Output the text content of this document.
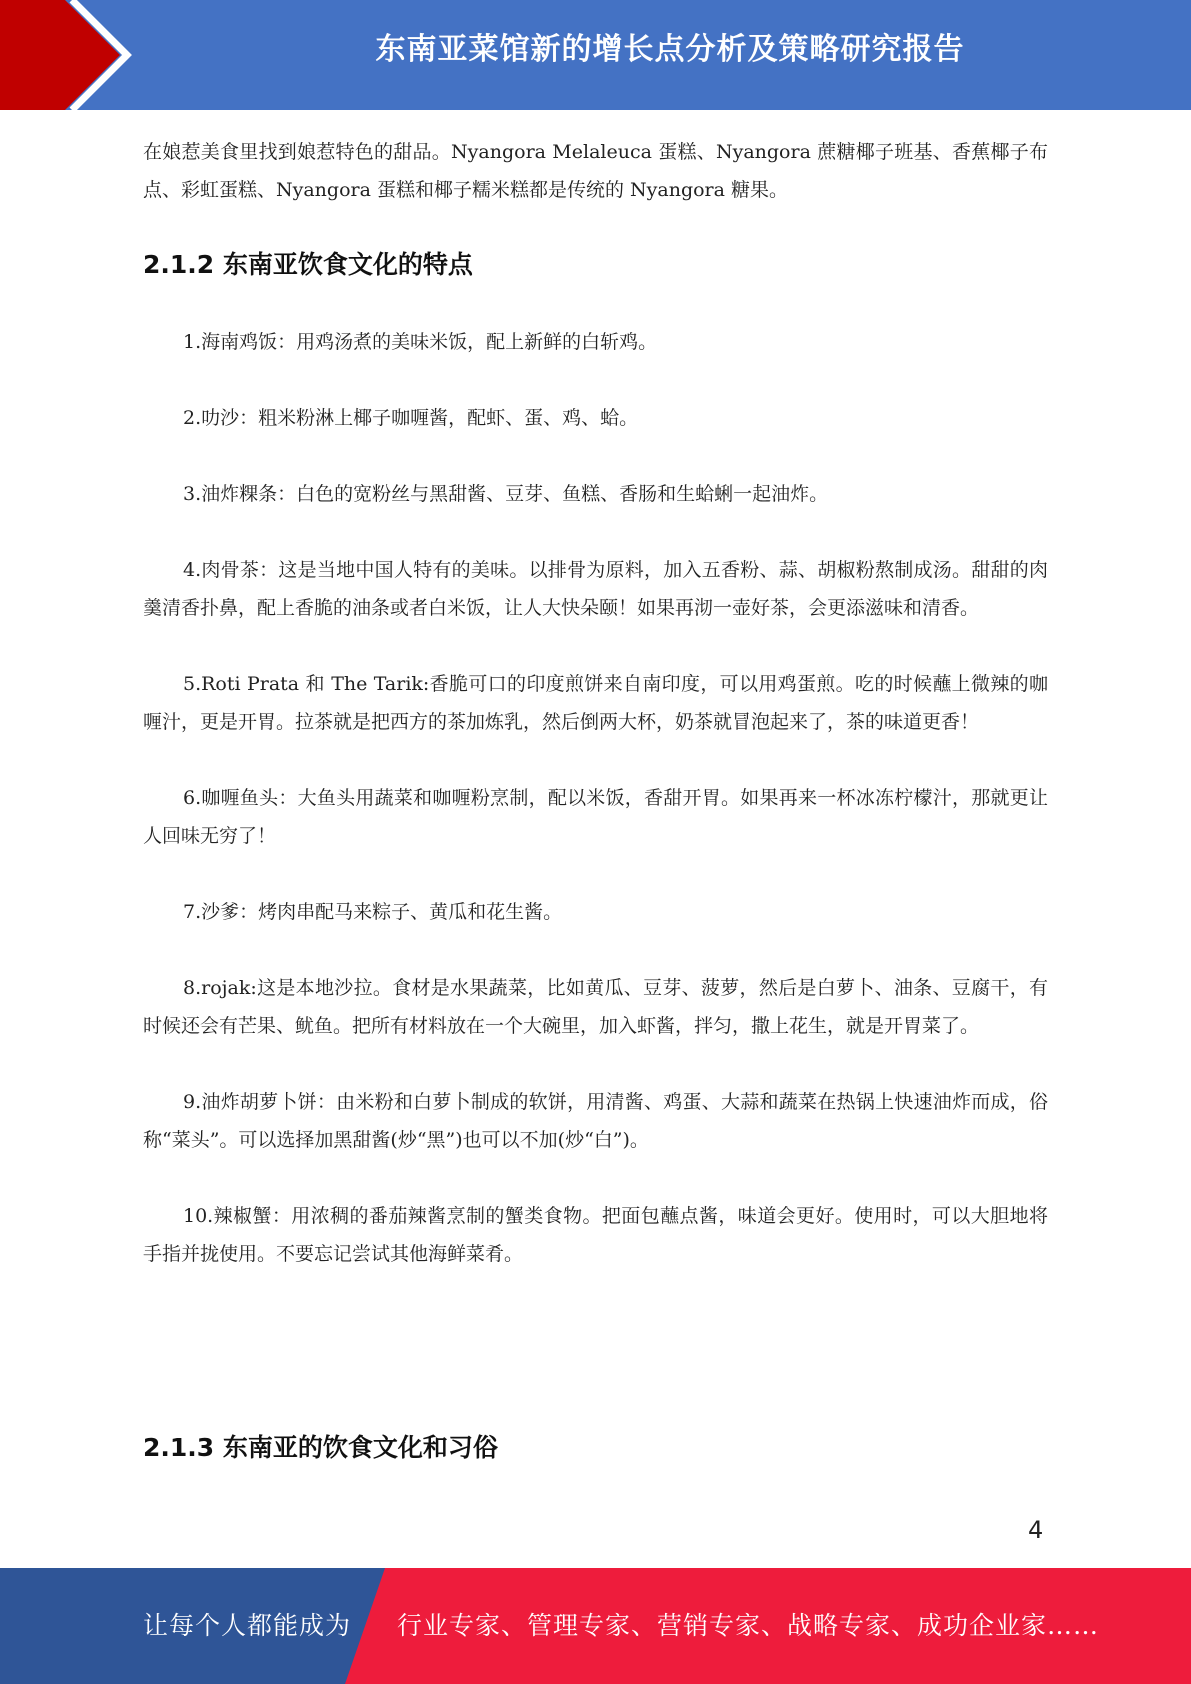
东南亚菜馆新的增长点分析及策略研究报告

在娘惹美食里找到娘惹特色的甜品。Nyangora Melaleuca 蛋糕、Nyangora 蔗糖椰子班基、香蕉椰子布点、彩虹蛋糕、Nyangora 蛋糕和椰子糯米糕都是传统的 Nyangora 糖果。

2.1.2 东南亚饮食文化的特点

1.海南鸡饭：用鸡汤煮的美味米饭，配上新鲜的白斩鸡。

2.叻沙：粗米粉淋上椰子咖喱酱，配虾、蛋、鸡、蛤。

3.油炸粿条：白色的宽粉丝与黑甜酱、豆芽、鱼糕、香肠和生蛤蜊一起油炸。

4.肉骨茶：这是当地中国人特有的美味。以排骨为原料，加入五香粉、蒜、胡椒粉熬制成汤。甜甜的肉羹清香扑鼻，配上香脆的油条或者白米饭，让人大快朵颐！如果再沏一壶好茶，会更添滋味和清香。

5.Roti Prata 和 The Tarik:香脆可口的印度煎饼来自南印度，可以用鸡蛋煎。吃的时候蘸上微辣的咖喱汁，更是开胃。拉茶就是把西方的茶加炼乳，然后倒两大杯，奶茶就冒泡起来了，茶的味道更香！

6.咖喱鱼头：大鱼头用蔬菜和咖喱粉烹制，配以米饭，香甜开胃。如果再来一杯冰冻柠檬汁，那就更让人回味无穷了！

7.沙爹：烤肉串配马来粽子、黄瓜和花生酱。

8.rojak:这是本地沙拉。食材是水果蔬菜，比如黄瓜、豆芽、菠萝，然后是白萝卜、油条、豆腐干，有时候还会有芒果、鱿鱼。把所有材料放在一个大碗里，加入虾酱，拌匀，撒上花生，就是开胃菜了。

9.油炸胡萝卜饼：由米粉和白萝卜制成的软饼，用清酱、鸡蛋、大蒜和蔬菜在热锅上快速油炸而成，俗称“菜头”。可以选择加黑甜酱(炒“黑”)也可以不加(炒“白”)。

10.辣椒蟹：用浓稠的番茄辣酱烹制的蟹类食物。把面包蘸点酱，味道会更好。使用时，可以大胆地将手指并拢使用。不要忘记尝试其他海鲜菜肴。

2.1.3 东南亚的饮食文化和习俗
4
让每个人都能成为 行业专家、管理专家、营销专家、战略专家、成功企业家……
